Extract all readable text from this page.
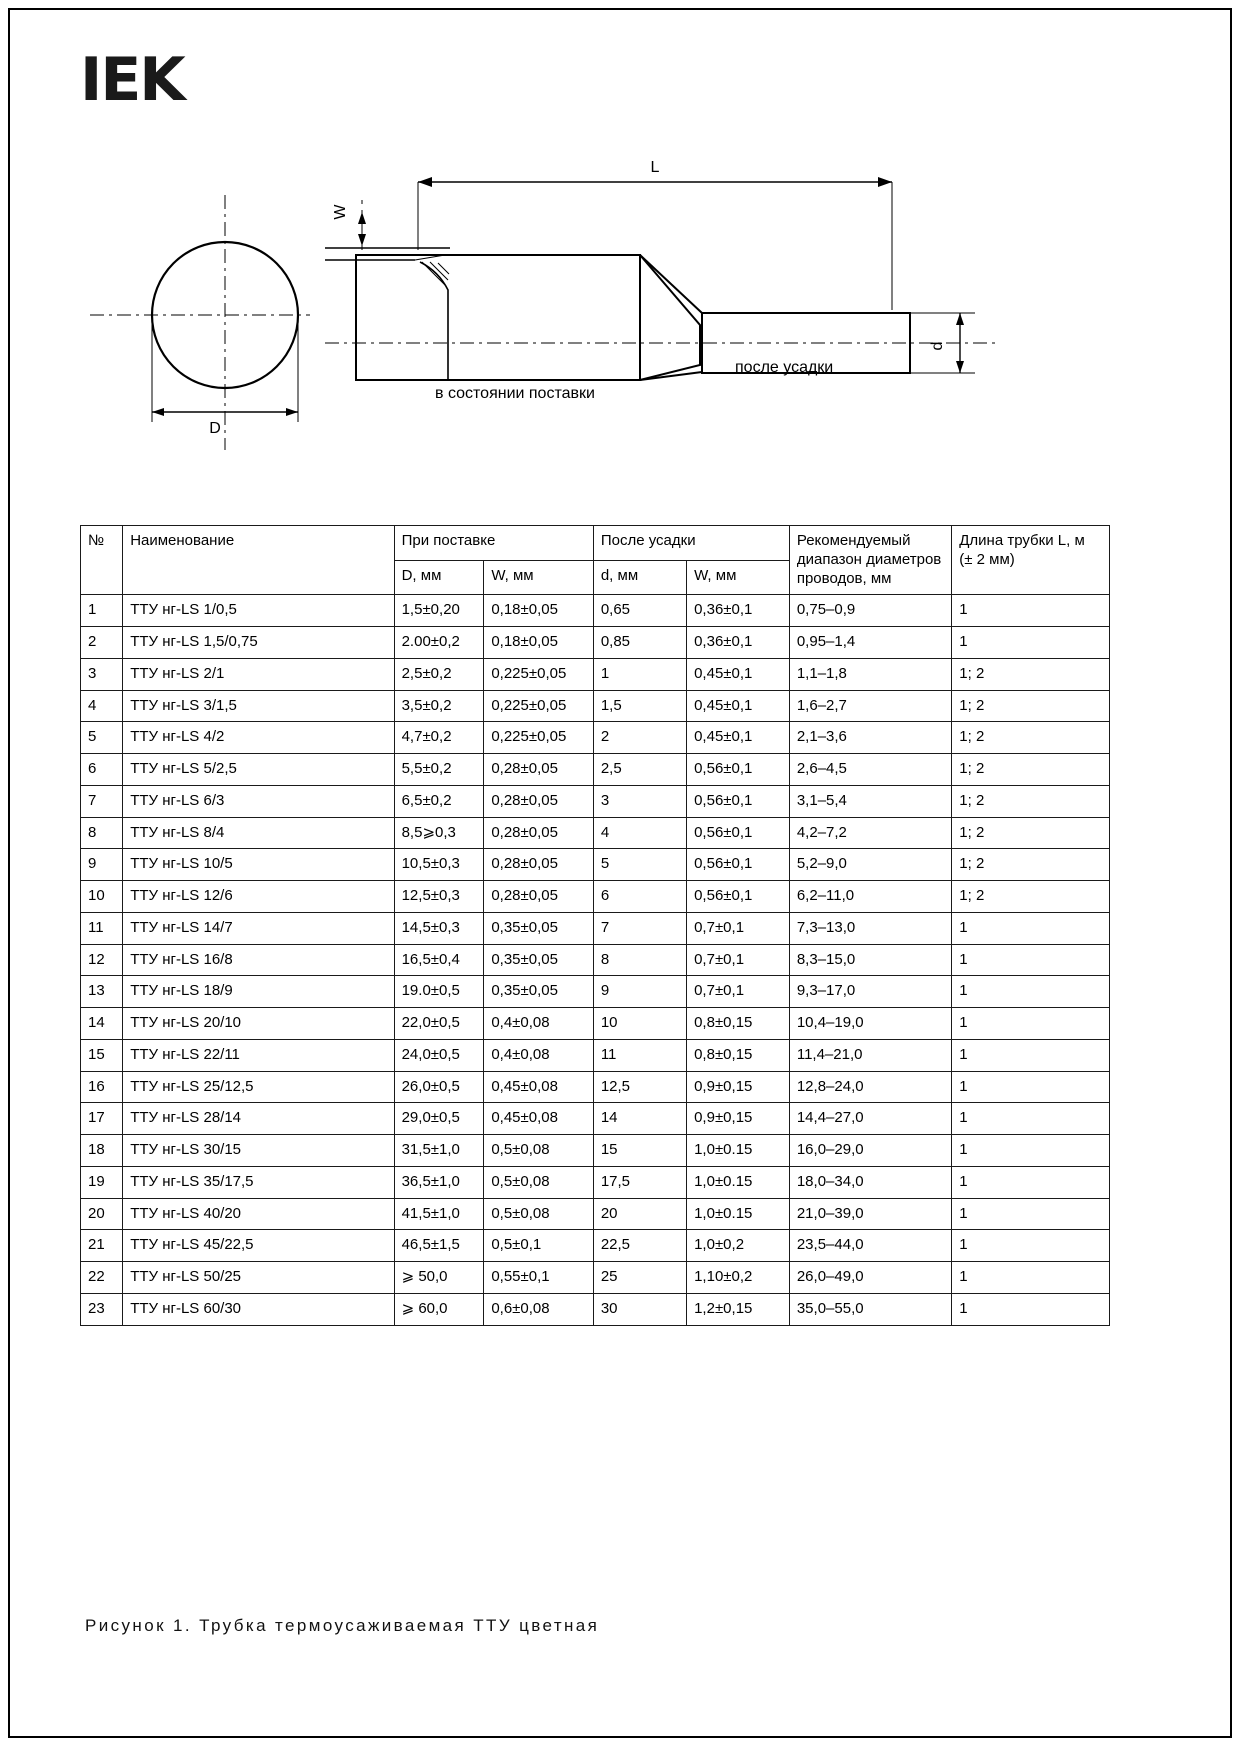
IEK
D
W
L
d
в состоянии поставки
после усадки
№	Наименование	При поставке		После усадки		Рекомендуемый диапазон диаметров проводов, мм	Длина трубки L, м (± 2 мм)
		D, мм	W, мм	d, мм	W, мм		
1	ТТУ нг-LS 1/0,5	1,5±0,20	0,18±0,05	0,65	0,36±0,1	0,75–0,9	1
2	ТТУ нг-LS 1,5/0,75	2.00±0,2	0,18±0,05	0,85	0,36±0,1	0,95–1,4	1
3	ТТУ нг-LS 2/1	2,5±0,2	0,225±0,05	1	0,45±0,1	1,1–1,8	1; 2
4	ТТУ нг-LS 3/1,5	3,5±0,2	0,225±0,05	1,5	0,45±0,1	1,6–2,7	1; 2
5	ТТУ нг-LS 4/2	4,7±0,2	0,225±0,05	2	0,45±0,1	2,1–3,6	1; 2
6	ТТУ нг-LS 5/2,5	5,5±0,2	0,28±0,05	2,5	0,56±0,1	2,6–4,5	1; 2
7	ТТУ нг-LS 6/3	6,5±0,2	0,28±0,05	3	0,56±0,1	3,1–5,4	1; 2
8	ТТУ нг-LS 8/4	8,5⩾0,3	0,28±0,05	4	0,56±0,1	4,2–7,2	1; 2
9	ТТУ нг-LS 10/5	10,5±0,3	0,28±0,05	5	0,56±0,1	5,2–9,0	1; 2
10	ТТУ нг-LS 12/6	12,5±0,3	0,28±0,05	6	0,56±0,1	6,2–11,0	1; 2
11	ТТУ нг-LS 14/7	14,5±0,3	0,35±0,05	7	0,7±0,1	7,3–13,0	1
12	ТТУ нг-LS 16/8	16,5±0,4	0,35±0,05	8	0,7±0,1	8,3–15,0	1
13	ТТУ нг-LS 18/9	19.0±0,5	0,35±0,05	9	0,7±0,1	9,3–17,0	1
14	ТТУ нг-LS 20/10	22,0±0,5	0,4±0,08	10	0,8±0,15	10,4–19,0	1
15	ТТУ нг-LS 22/11	24,0±0,5	0,4±0,08	11	0,8±0,15	11,4–21,0	1
16	ТТУ нг-LS 25/12,5	26,0±0,5	0,45±0,08	12,5	0,9±0,15	12,8–24,0	1
17	ТТУ нг-LS 28/14	29,0±0,5	0,45±0,08	14	0,9±0,15	14,4–27,0	1
18	ТТУ нг-LS 30/15	31,5±1,0	0,5±0,08	15	1,0±0.15	16,0–29,0	1
19	ТТУ нг-LS 35/17,5	36,5±1,0	0,5±0,08	17,5	1,0±0.15	18,0–34,0	1
20	ТТУ нг-LS 40/20	41,5±1,0	0,5±0,08	20	1,0±0.15	21,0–39,0	1
21	ТТУ нг-LS 45/22,5	46,5±1,5	0,5±0,1	22,5	1,0±0,2	23,5–44,0	1
22	ТТУ нг-LS 50/25	⩾ 50,0	0,55±0,1	25	1,10±0,2	26,0–49,0	1
23	ТТУ нг-LS 60/30	⩾ 60,0	0,6±0,08	30	1,2±0,15	35,0–55,0	1
Рисунок 1. Трубка термоусаживаемая ТТУ цветная
